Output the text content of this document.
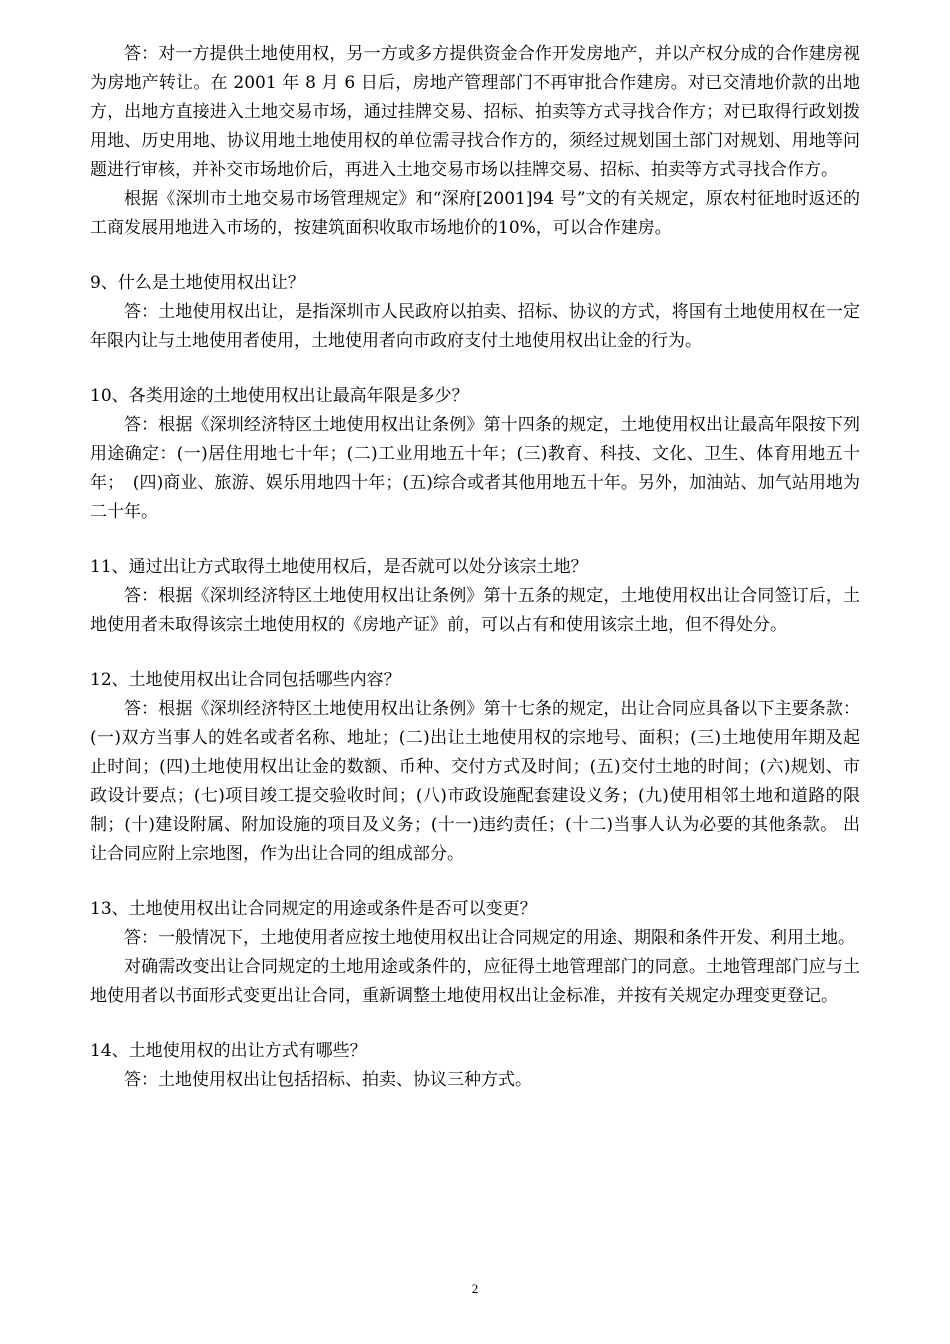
答：对一方提供土地使用权，另一方或多方提供资金合作开发房地产，并以产权分成的合作建房视为房地产转让。在 2001 年 8 月 6 日后，房地产管理部门不再审批合作建房。对已交清地价款的出地方，出地方直接进入土地交易市场，通过挂牌交易、招标、拍卖等方式寻找合作方；对已取得行政划拨用地、历史用地、协议用地土地使用权的单位需寻找合作方的，须经过规划国土部门对规划、用地等问题进行审核，并补交市场地价后，再进入土地交易市场以挂牌交易、招标、拍卖等方式寻找合作方。

根据《深圳市土地交易市场管理规定》和“深府[2001]94 号”文的有关规定，原农村征地时返还的工商发展用地进入市场的，按建筑面积收取市场地价的10%，可以合作建房。

9、什么是土地使用权出让？

答：土地使用权出让，是指深圳市人民政府以拍卖、招标、协议的方式，将国有土地使用权在一定年限内让与土地使用者使用，土地使用者向市政府支付土地使用权出让金的行为。

10、各类用途的土地使用权出让最高年限是多少？

答：根据《深圳经济特区土地使用权出让条例》第十四条的规定，土地使用权出让最高年限按下列用途确定：(一)居住用地七十年；(二)工业用地五十年；(三)教育、科技、文化、卫生、体育用地五十年；　(四)商业、旅游、娱乐用地四十年；(五)综合或者其他用地五十年。另外，加油站、加气站用地为二十年。

11、通过出让方式取得土地使用权后，是否就可以处分该宗土地？

答：根据《深圳经济特区土地使用权出让条例》第十五条的规定，土地使用权出让合同签订后，土地使用者未取得该宗土地使用权的《房地产证》前，可以占有和使用该宗土地，但不得处分。

12、土地使用权出让合同包括哪些内容？

答：根据《深圳经济特区土地使用权出让条例》第十七条的规定，出让合同应具备以下主要条款：(一)双方当事人的姓名或者名称、地址；(二)出让土地使用权的宗地号、面积；(三)土地使用年期及起止时间；(四)土地使用权出让金的数额、币种、交付方式及时间；(五)交付土地的时间；(六)规划、市政设计要点；(七)项目竣工提交验收时间；(八)市政设施配套建设义务；(九)使用相邻土地和道路的限制；(十)建设附属、附加设施的项目及义务；(十一)违约责任；(十二)当事人认为必要的其他条款。 出让合同应附上宗地图，作为出让合同的组成部分。

13、土地使用权出让合同规定的用途或条件是否可以变更？

答：一般情况下，土地使用者应按土地使用权出让合同规定的用途、期限和条件开发、利用土地。

对确需改变出让合同规定的土地用途或条件的，应征得土地管理部门的同意。土地管理部门应与土地使用者以书面形式变更出让合同，重新调整土地使用权出让金标准，并按有关规定办理变更登记。

14、土地使用权的出让方式有哪些？

答：土地使用权出让包括招标、拍卖、协议三种方式。

2
